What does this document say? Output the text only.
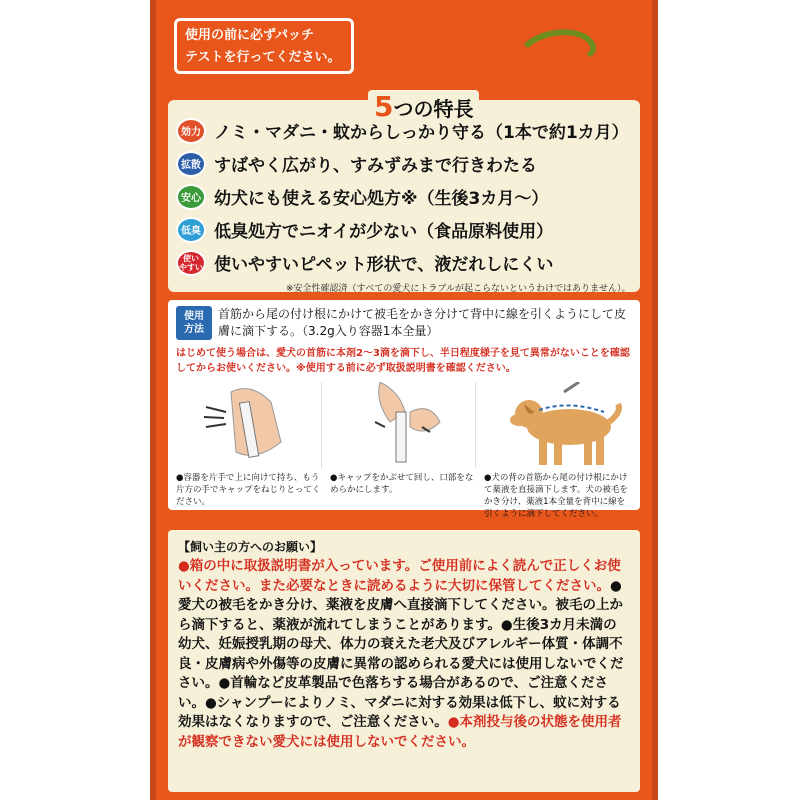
使用の前に必ずパッチ
テストを行ってください。
5つの特長
効力 ノミ・マダニ・蚊からしっかり守る（1本で約1カ月）
拡散 すばやく広がり、すみずみまで行きわたる
安心 幼犬にも使える安心処方※（生後3カ月〜）
低臭 低臭処方でニオイが少ない（食品原料使用）
使い
やすい 使いやすいピペット形状で、液だれしにくい
※安全性確認済（すべての愛犬にトラブルが起こらないというわけではありません）。
使用
方法
首筋から尾の付け根にかけて被毛をかき分けて背中に線を引くようにして皮膚に滴下する。（3.2g入り容器1本全量）
はじめて使う場合は、愛犬の首筋に本剤2〜3滴を滴下し、半日程度様子を見て異常がないことを確認してからお使いください。※使用する前に必ず取扱説明書を確認ください。
●容器を片手で上に向けて持ち、もう片方の手でキャップをねじりとってください。
●キャップをかぶせて回し、口部をなめらかにします。
●犬の背の首筋から尾の付け根にかけて薬液を直接滴下します。犬の被毛をかき分け、薬液1本全量を背中に線を引くように滴下してください。
【飼い主の方へのお願い】
●箱の中に取扱説明書が入っています。ご使用前によく読んで正しくお使いください。また必要なときに読めるように大切に保管してください。●愛犬の被毛をかき分け、薬液を皮膚へ直接滴下してください。被毛の上から滴下すると、薬液が流れてしまうことがあります。●生後3カ月未満の幼犬、妊娠授乳期の母犬、体力の衰えた老犬及びアレルギー体質・体調不良・皮膚病や外傷等の皮膚に異常の認められる愛犬には使用しないでください。●首輪など皮革製品で色落ちする場合があるので、ご注意ください。●シャンプーによりノミ、マダニに対する効果は低下し、蚊に対する効果はなくなりますので、ご注意ください。●本剤投与後の状態を使用者が観察できない愛犬には使用しないでください。
